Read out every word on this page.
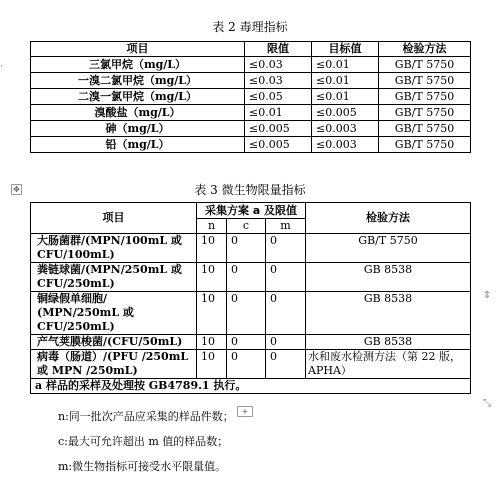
表 2 毒理指标
项目	限值	目标值	检验方法
三氯甲烷（mg/L）	≤0.03	≤0.01	GB/T 5750
一溴二氯甲烷（mg/L）	≤0.03	≤0.01	GB/T 5750
二溴一氯甲烷（mg/L）	≤0.05	≤0.01	GB/T 5750
溴酸盐（mg/L）	≤0.01	≤0.005	GB/T 5750
砷（mg/L）	≤0.005	≤0.003	GB/T 5750
铅（mg/L）	≤0.005	≤0.003	GB/T 5750
·
✥	表 3 微生物限量指标
项目	采集方案 a 及限值			检验方法
	n	c	m	

大肠菌群/(MPN/100mL 或
CFU/100mL)	10	0	0	GB/T 5750

粪链球菌/(MPN/250mL 或
CFU/250mL)	10	0	0	GB 8538

铜绿假单细胞/
(MPN/250mL 或
CFU/250mL)	10	0	0	GB 8538

产气荚膜梭菌/(CFU/50mL)	10	0	0	GB 8538

病毒（肠道）/(PFU /250mL
或 MPN /250mL)	10	0	0	水和废水检测方法（第 22 版，APHA）
a 样品的采样及处理按 GB4789.1 执行。				
⇕
⤡
+
n:同一批次产品应采集的样品件数；
c:最大可允许超出 m 值的样品数；
m:微生物指标可接受水平限量值。
